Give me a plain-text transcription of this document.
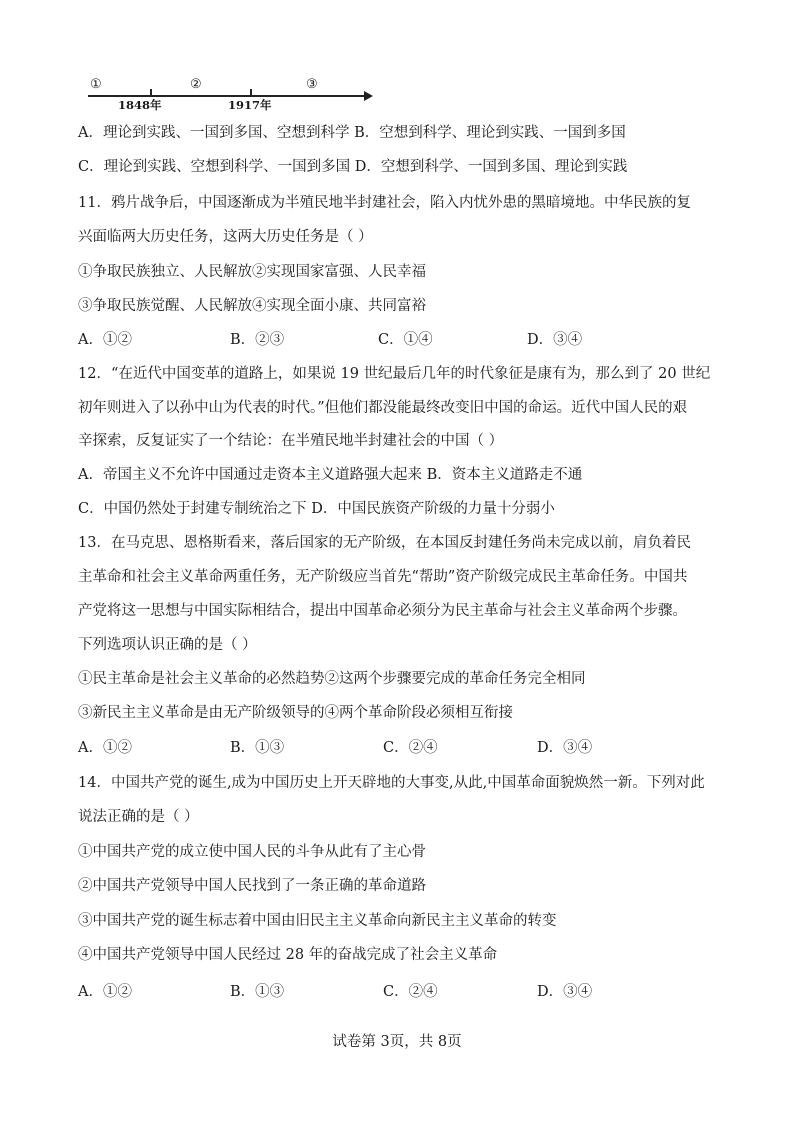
①	②	③
1848年	1917年
A．理论到实践、一国到多国、空想到科学 B．空想到科学、理论到实践、一国到多国
C．理论到实践、空想到科学、一国到多国 D．空想到科学、一国到多国、理论到实践
11．鸦片战争后，中国逐渐成为半殖民地半封建社会，陷入内忧外患的黑暗境地。中华民族的复
兴面临两大历史任务，这两大历史任务是（ ）
①争取民族独立、人民解放②实现国家富强、人民幸福
③争取民族觉醒、人民解放④实现全面小康、共同富裕
A．①②	B．②③	C．①④	D．③④
12．“在近代中国变革的道路上，如果说 19 世纪最后几年的时代象征是康有为，那么到了 20 世纪
初年则进入了以孙中山为代表的时代。”但他们都没能最终改变旧中国的命运。近代中国人民的艰
辛探索，反复证实了一个结论：在半殖民地半封建社会的中国（ ）
A．帝国主义不允许中国通过走资本主义道路强大起来 B．资本主义道路走不通
C．中国仍然处于封建专制统治之下 D．中国民族资产阶级的力量十分弱小
13．在马克思、恩格斯看来，落后国家的无产阶级，在本国反封建任务尚未完成以前，肩负着民
主革命和社会主义革命两重任务，无产阶级应当首先“帮助”资产阶级完成民主革命任务。中国共
产党将这一思想与中国实际相结合，提出中国革命必须分为民主革命与社会主义革命两个步骤。
下列选项认识正确的是（ ）
①民主革命是社会主义革命的必然趋势②这两个步骤要完成的革命任务完全相同
③新民主主义革命是由无产阶级领导的④两个革命阶段必须相互衔接
A．①②	B．①③	C．②④	D．③④
14．中国共产党的诞生,成为中国历史上开天辟地的大事变,从此,中国革命面貌焕然一新。下列对此
说法正确的是（ ）
①中国共产党的成立使中国人民的斗争从此有了主心骨
②中国共产党领导中国人民找到了一条正确的革命道路
③中国共产党的诞生标志着中国由旧民主主义革命向新民主主义革命的转变
④中国共产党领导中国人民经过 28 年的奋战完成了社会主义革命
A．①②	B．①③	C．②④	D．③④
试卷第 3页，共 8页
